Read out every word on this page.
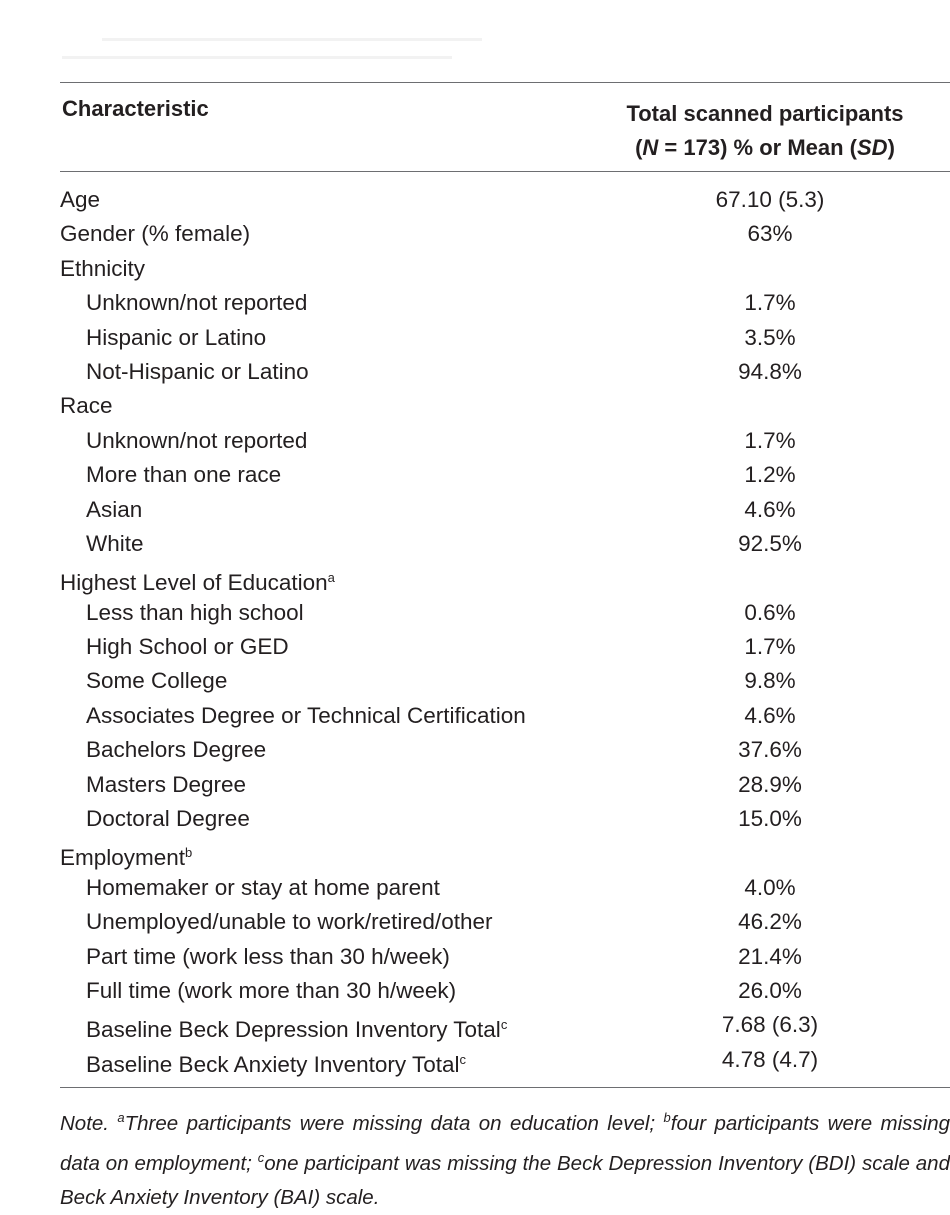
Characteristic	Total scanned participants
(N = 173) % or Mean (SD)
Age	67.10 (5.3)
Gender (% female)	63%
Ethnicity
Unknown/not reported	1.7%
Hispanic or Latino	3.5%
Not-Hispanic or Latino	94.8%
Race
Unknown/not reported	1.7%
More than one race	1.2%
Asian	4.6%
White	92.5%
Highest Level of Education$^a$
Less than high school	0.6%
High School or GED	1.7%
Some College	9.8%
Associates Degree or Technical Certification	4.6%
Bachelors Degree	37.6%
Masters Degree	28.9%
Doctoral Degree	15.0%
Employment$^b$
Homemaker or stay at home parent	4.0%
Unemployed/unable to work/retired/other	46.2%
Part time (work less than 30 h/week)	21.4%
Full time (work more than 30 h/week)	26.0%
Baseline Beck Depression Inventory Total$^c$	7.68 (6.3)
Baseline Beck Anxiety Inventory Total$^c$	4.78 (4.7)
Note. $^a$Three participants were missing data on education level; $^b$four participants were missing data on employment; $^c$one participant was missing the Beck Depression Inventory (BDI) scale and Beck Anxiety Inventory (BAI) scale.
